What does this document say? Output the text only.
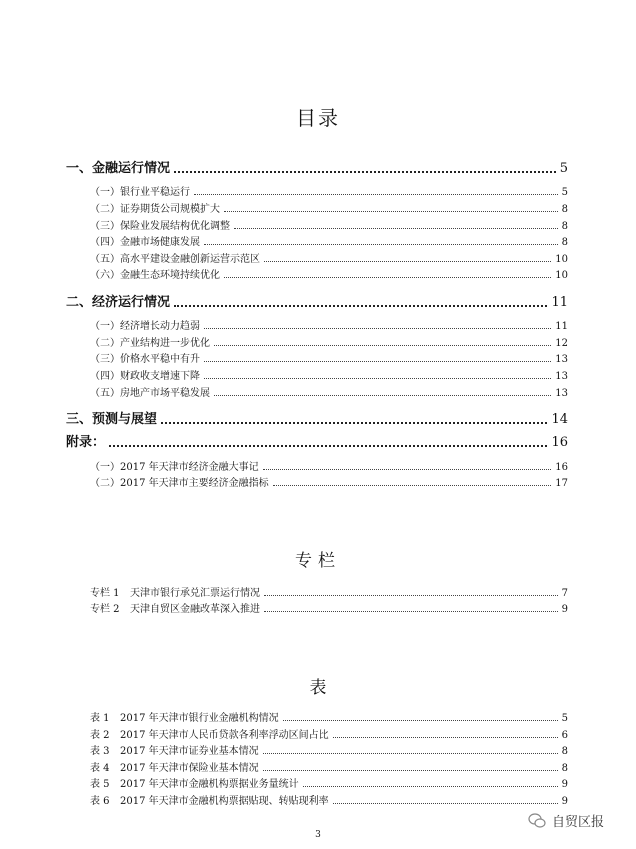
目录
一、金融运行情况	5
（一）银行业平稳运行	5
（二）证券期货公司规模扩大	8
（三）保险业发展结构优化调整	8
（四）金融市场健康发展	8
（五）高水平建设金融创新运营示范区	10
（六）金融生态环境持续优化	10
二、经济运行情况	11
（一）经济增长动力趋弱	11
（二）产业结构进一步优化	12
（三）价格水平稳中有升	13
（四）财政收支增速下降	13
（五）房地产市场平稳发展	13
三、预测与展望	14
附录：	16
（一）2017 年天津市经济金融大事记	16
（二）2017 年天津市主要经济金融指标	17
专栏
专栏 1 天津市银行承兑汇票运行情况	7
专栏 2 天津自贸区金融改革深入推进	9
表
表 1 2017 年天津市银行业金融机构情况	5
表 2 2017 年天津市人民币贷款各利率浮动区间占比	6
表 3 2017 年天津市证券业基本情况	8
表 4 2017 年天津市保险业基本情况	8
表 5 2017 年天津市金融机构票据业务量统计	9
表 6 2017 年天津市金融机构票据贴现、转贴现利率	9
3
自贸区报
